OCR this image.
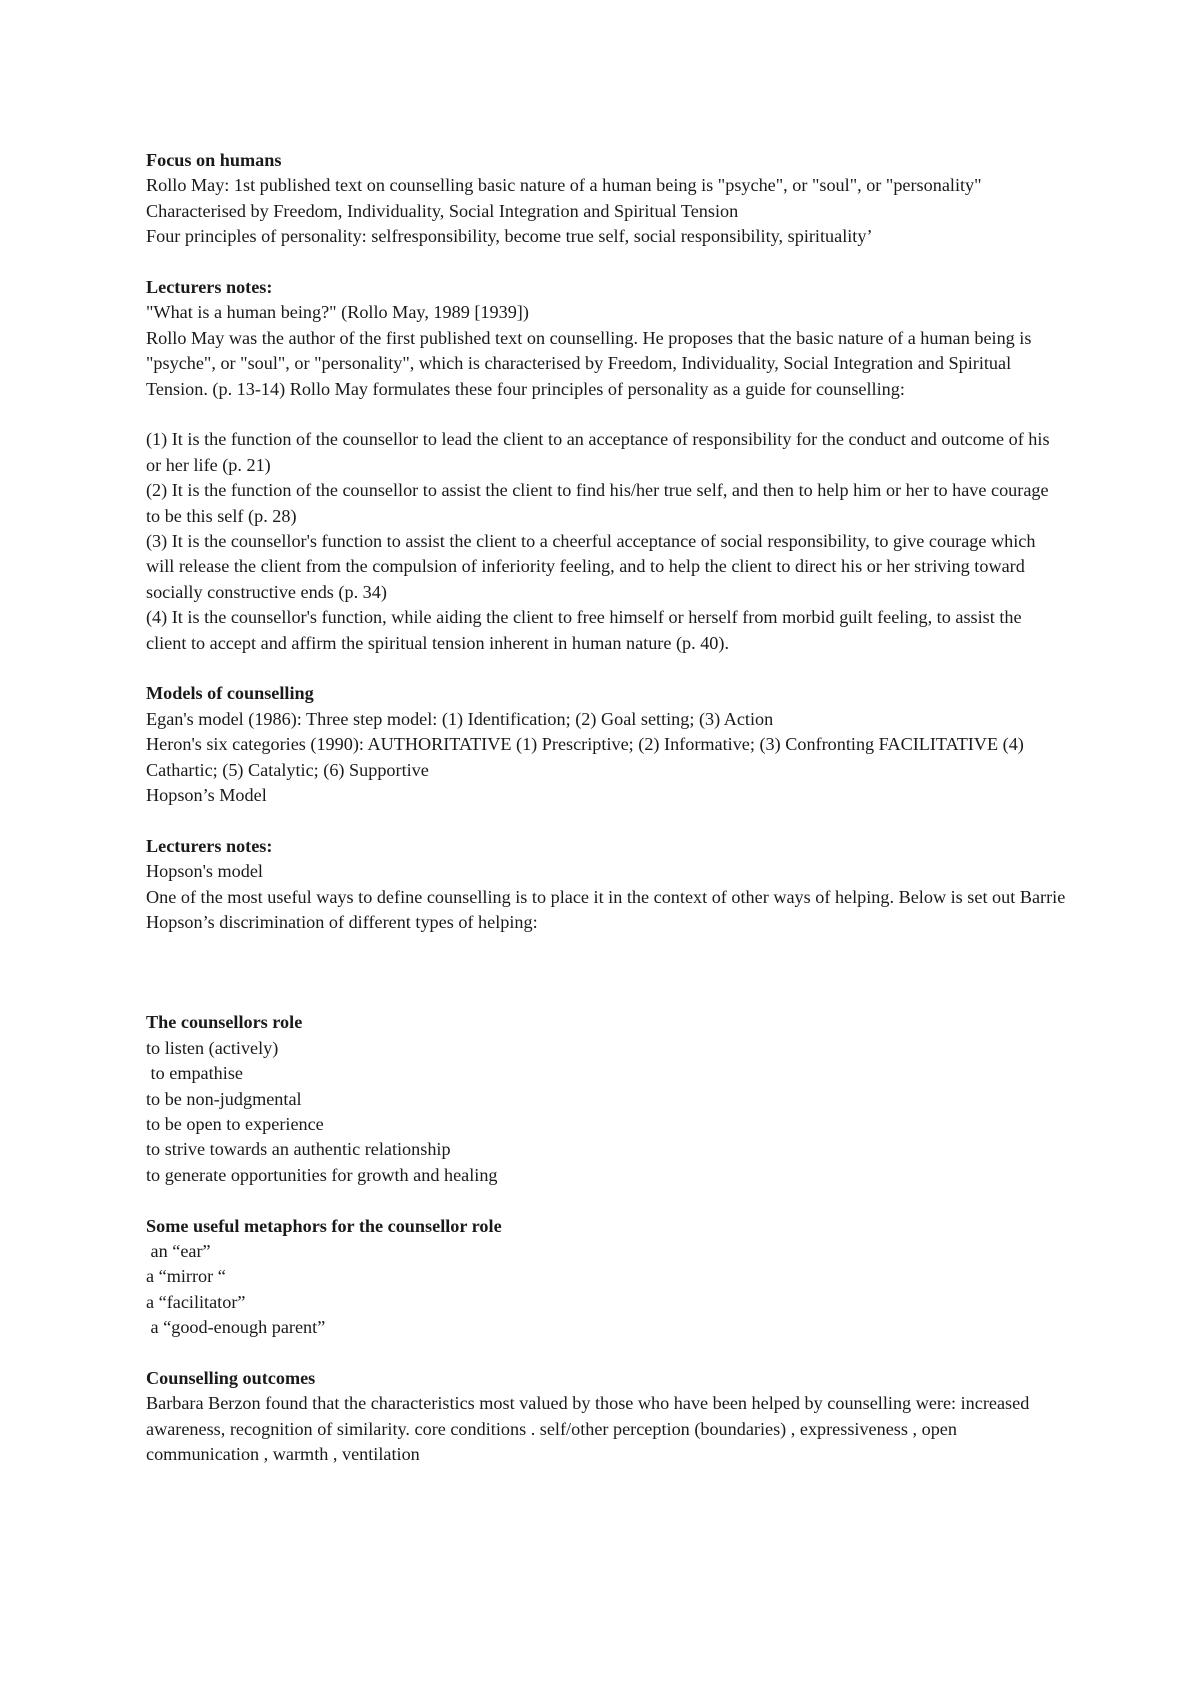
Focus on humans

Rollo May: 1st published text on counselling basic nature of a human being is "psyche", or "soul", or "personality"

Characterised by Freedom, Individuality, Social Integration and Spiritual Tension

Four principles of personality: selfresponsibility, become true self, social responsibility, spirituality’

Lecturers notes:

"What is a human being?" (Rollo May, 1989 [1939])

Rollo May was the author of the first published text on counselling. He proposes that the basic nature of a human being is "psyche", or "soul", or "personality", which is characterised by Freedom, Individuality, Social Integration and Spiritual Tension. (p. 13-14) Rollo May formulates these four principles of personality as a guide for counselling:

(1) It is the function of the counsellor to lead the client to an acceptance of responsibility for the conduct and outcome of his or her life (p. 21)

(2) It is the function of the counsellor to assist the client to find his/her true self, and then to help him or her to have courage to be this self (p. 28)

(3) It is the counsellor's function to assist the client to a cheerful acceptance of social responsibility, to give courage which will release the client from the compulsion of inferiority feeling, and to help the client to direct his or her striving toward socially constructive ends (p. 34)

(4) It is the counsellor's function, while aiding the client to free himself or herself from morbid guilt feeling, to assist the client to accept and affirm the spiritual tension inherent in human nature (p. 40).

Models of counselling

Egan's model (1986): Three step model: (1) Identification; (2) Goal setting; (3) Action

Heron's six categories (1990): AUTHORITATIVE (1) Prescriptive; (2) Informative; (3) Confronting FACILITATIVE (4) Cathartic; (5) Catalytic; (6) Supportive

Hopson’s Model

Lecturers notes:

Hopson's model

One of the most useful ways to define counselling is to place it in the context of other ways of helping. Below is set out Barrie Hopson’s discrimination of different types of helping:

The counsellors role

to listen (actively)

to empathise

to be non-judgmental

to be open to experience

to strive towards an authentic relationship

to generate opportunities for growth and healing

Some useful metaphors for the counsellor role

an “ear”

a “mirror “

a “facilitator”

a “good-enough parent”

Counselling outcomes

Barbara Berzon found that the characteristics most valued by those who have been helped by counselling were: increased awareness, recognition of similarity. core conditions . self/other perception (boundaries) , expressiveness , open communication , warmth , ventilation
